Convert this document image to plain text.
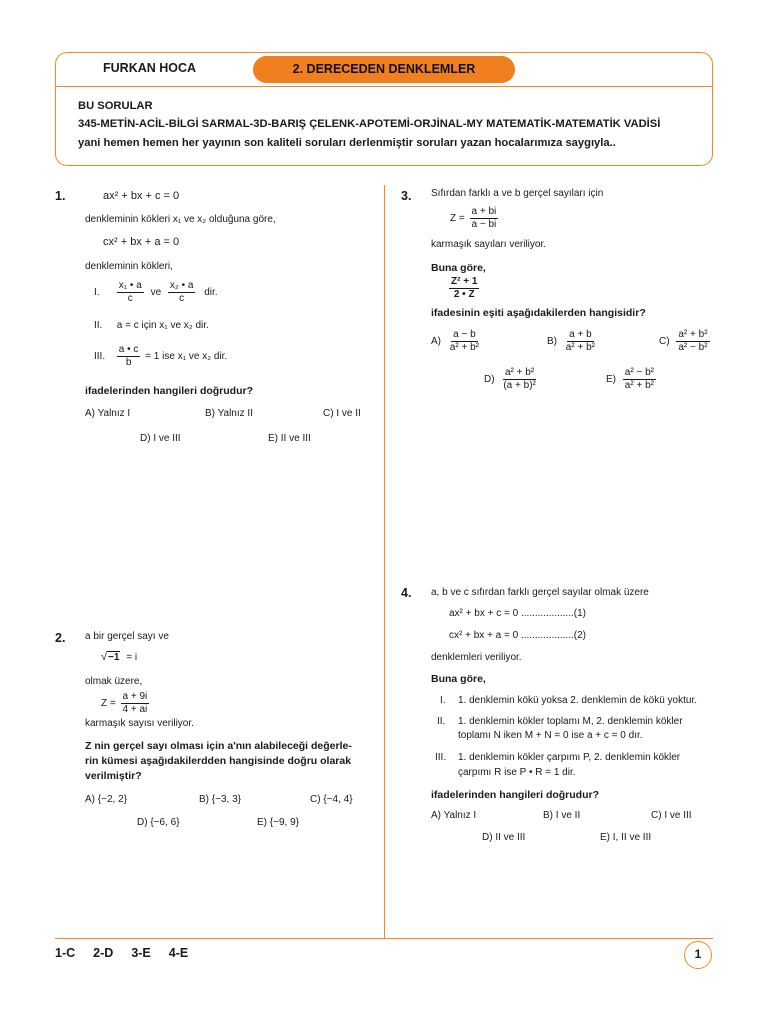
FURKAN HOCA	2. DERECEDEN DENKLEMLER
BU SORULAR
345-METİN-ACİL-BİLGİ SARMAL-3D-BARIŞ ÇELENK-APOTEMİ-ORJİNAL-MY MATEMATİK-MATEMATİK VADİSİ
yani hemen hemen her yayının son kaliteli soruları derlenmiştir soruları yazan hocalarımıza saygıyla..
1.	ax² + bx + c = 0
denkleminin kökleri x₁ ve x₂ olduğuna göre,
cx² + bx + a = 0
denkleminin kökleri,
I. $\frac{\text{x₁ • a}}{c}$ ve $\frac{\text{x₂ • a}}{c}$ dir.
II. a = c için x₁ ve x₂ dir.
III. $\frac{a • c}{b} = 1$ ise x₁ ve x₂ dir.
ifadelerinden hangileri doğrudur?
A) Yalnız I	B) Yalnız II	C) I ve II
D) I ve III	E) II ve III
2. a bir gerçel sayı ve
√−1 = i
olmak üzere,
$Z = \frac{a + 9i}{4 + ai}$
karmaşık sayısı veriliyor.
Z nin gerçel sayı olması için a'nın alabileceği değerle-
rin kümesi aşağıdakilerdden hangisinde doğru olarak
verilmiştir?
A) {−2, 2}	B) {−3, 3}	C) {−4, 4}
D) {−6, 6}	E) {−9, 9}
3. Sıfırdan farklı a ve b gerçel sayıları için
$Z = \frac{a + bi}{a - bi}$
karmaşık sayıları veriliyor.
Buna göre,
$\frac{\text{Z² + 1}}{2 • Z}$
ifadesinin eşiti aşağıdakilerden hangisidir?
$A) \frac{a - b}{\text{a² + b²}}$	$B) \frac{a + b}{\text{a² + b²}}$	$C) \frac{\text{a² + b²}}{\text{a² − b²}}$
$D) \frac{\text{a² + b²}}{\text{(a + b)²}}$	$E) \frac{\text{a² − b²}}{\text{a² + b²}}$
4. a, b ve c sıfırdan farklı gerçel sayılar olmak üzere
ax² + bx + c = 0 ...................(1)
cx² + bx + a = 0 ...................(2)
denklemleri veriliyor.
Buna göre,
I.	1. denklemin kökü yoksa 2. denklemin de kökü yoktur.
II.	1. denklemin kökler toplamı M, 2. denklemin kökler
toplamı N iken M + N = 0 ise a + c = 0 dır.
III.	1. denklemin kökler çarpımı P, 2. denklemin kökler
çarpımı R ise P • R = 1 dir.
ifadelerinden hangileri doğrudur?
A) Yalnız I	B) I ve II	C) I ve III
D) II ve III	E) I, II ve III
1-C 2-D 3-E 4-E	1
